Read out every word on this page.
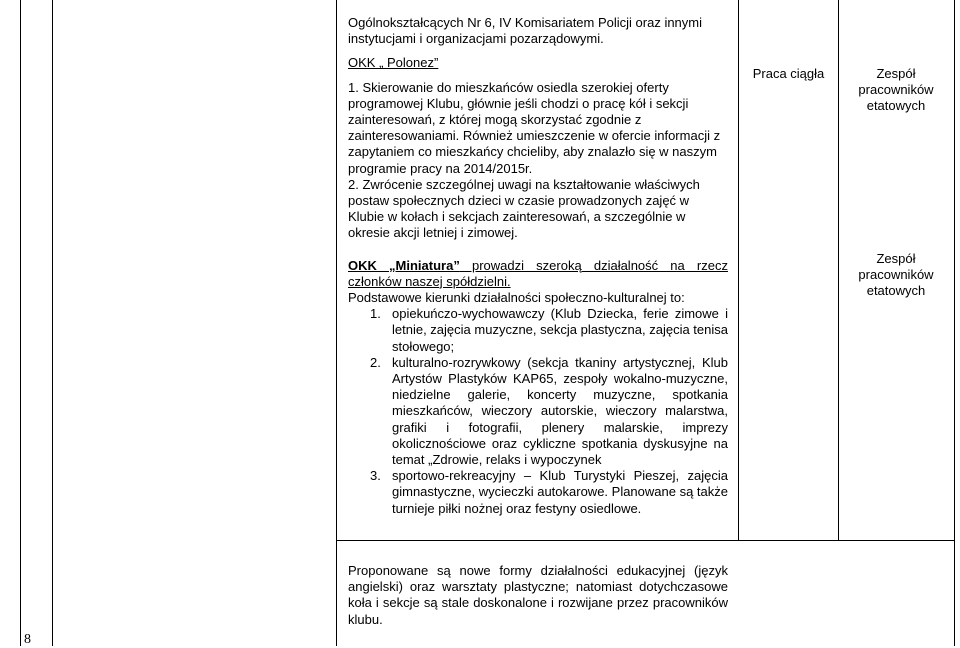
8

Ogólnokształcących Nr 6, IV Komisariatem Policji oraz innymi instytucjami i organizacjami pozarządowymi.

OKK „ Polonez”

1. Skierowanie do mieszkańców osiedla szerokiej oferty programowej Klubu, głównie jeśli chodzi o pracę kół i sekcji zainteresowań, z której mogą skorzystać zgodnie z zainteresowaniami. Również umieszczenie w ofercie informacji z zapytaniem co mieszkańcy chcieliby, aby znalazło się w naszym programie pracy na 2014/2015r.

2. Zwrócenie szczególnej uwagi na kształtowanie właściwych postaw społecznych dzieci w czasie prowadzonych zajęć w Klubie w kołach i sekcjach zainteresowań, a szczególnie w okresie akcji letniej i zimowej.

OKK „Miniatura” prowadzi szeroką działalność na rzecz członków naszej spółdzielni.

Podstawowe kierunki działalności społeczno-kulturalnej to:

1. opiekuńczo-wychowawczy (Klub Dziecka, ferie zimowe i letnie, zajęcia muzyczne, sekcja plastyczna, zajęcia tenisa stołowego;
2. kulturalno-rozrywkowy (sekcja tkaniny artystycznej, Klub Artystów Plastyków KAP65, zespoły wokalno-muzyczne, niedzielne galerie, koncerty muzyczne, spotkania mieszkańców, wieczory autorskie, wieczory malarstwa, grafiki i fotografii, plenery malarskie, imprezy okolicznościowe oraz cykliczne spotkania dyskusyjne na temat „Zdrowie, relaks i wypoczynek
3. sportowo-rekreacyjny – Klub Turystyki Pieszej, zajęcia gimnastyczne, wycieczki autokarowe. Planowane są także turnieje piłki nożnej oraz festyny osiedlowe.
Praca ciągła	Zespół pracowników etatowych
Zespół pracowników etatowych
Proponowane są nowe formy działalności edukacyjnej (język angielski) oraz warsztaty plastyczne; natomiast dotychczasowe koła i sekcje są stale doskonalone i rozwijane przez pracowników klubu.
